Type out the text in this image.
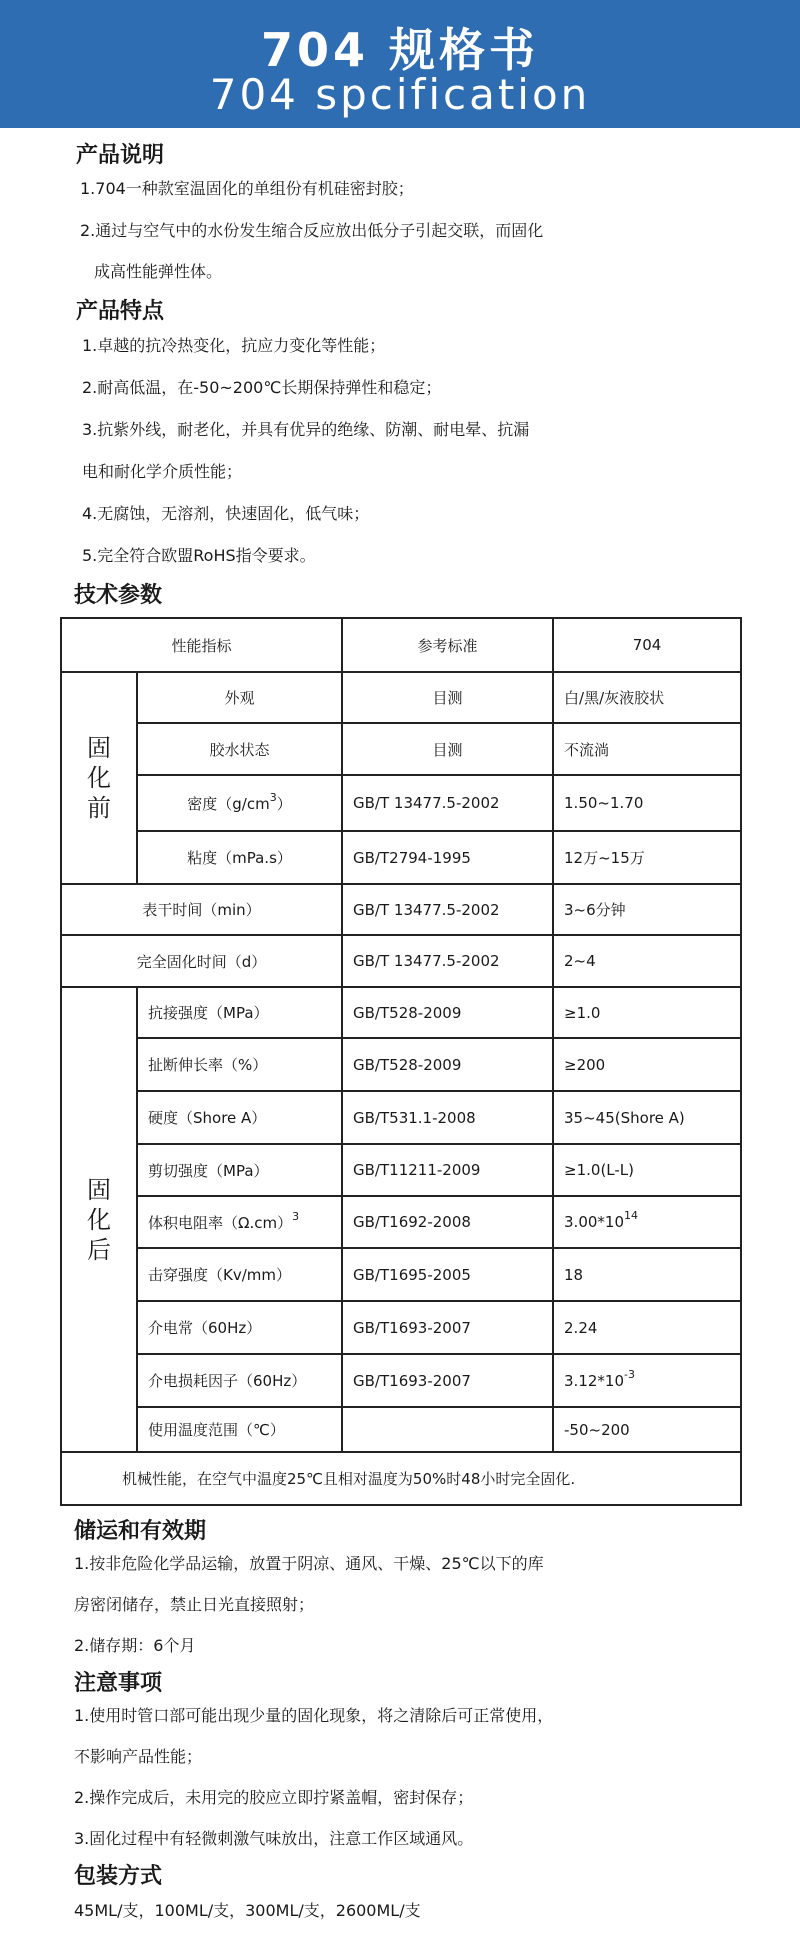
704 规格书
704 spcification
产品说明
1.704一种款室温固化的单组份有机硅密封胶；
2.通过与空气中的水份发生缩合反应放出低分子引起交联，而固化
成高性能弹性体。
产品特点
1.卓越的抗冷热变化，抗应力变化等性能；
2.耐高低温，在-50~200℃长期保持弹性和稳定；
3.抗紫外线，耐老化，并具有优异的绝缘、防潮、耐电晕、抗漏
电和耐化学介质性能；
4.无腐蚀，无溶剂，快速固化，低气味；
5.完全符合欧盟RoHS指令要求。
技术参数
性能指标		参考标准	704

固
化
前	外观	目测	白/黑/灰液胶状
	胶水状态	目测	不流淌
	密度$(g/cm^3)$	GB/T 13477.5-2002	1.50~1.70
	粘度（mPa.s）	GB/T2794-1995	12万~15万
表干时间（min）		GB/T 13477.5-2002	3~6分钟
完全固化时间（d）		GB/T 13477.5-2002	2~4

固
化
后	抗接强度（MPa）	GB/T528-2009	≥1.0
	扯断伸长率（%）	GB/T528-2009	≥200
	硬度（Shore A）	GB/T531.1-2008	35~45(Shore A)
	剪切强度（MPa）	GB/T11211-2009	≥1.0(L-L)
	体积电阻率$(\Omega.cm)^3$	GB/T1692-2008	$3.00*10^{14}$
	击穿强度（Kv/mm）	GB/T1695-2005	18
	介电常（60Hz）	GB/T1693-2007	2.24
	介电损耗因子（60Hz）	GB/T1693-2007	$3.12*10^{-3}$
	使用温度范围（℃）		-50~200
机械性能，在空气中温度25℃且相对温度为50%时48小时完全固化.			
储运和有效期
1.按非危险化学品运输，放置于阴凉、通风、干燥、25℃以下的库
房密闭储存，禁止日光直接照射；
2.储存期：6个月
注意事项
1.使用时管口部可能出现少量的固化现象，将之清除后可正常使用，
不影响产品性能；
2.操作完成后，未用完的胶应立即拧紧盖帽，密封保存；
3.固化过程中有轻微刺激气味放出，注意工作区域通风。
包装方式
45ML/支，100ML/支，300ML/支，2600ML/支
